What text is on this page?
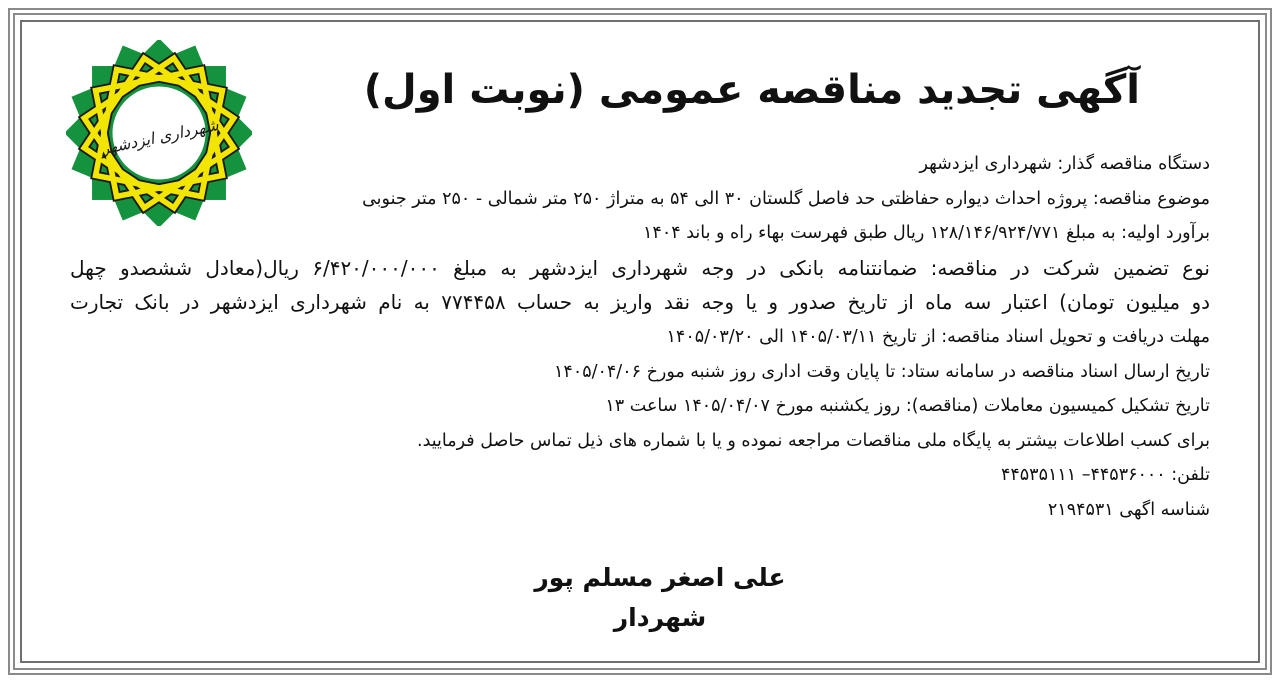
شهرداری ایزدشهر
آگهی تجدید مناقصه عمومی (نوبت اول)
دستگاه مناقصه گذار: شهرداری ایزدشهر
موضوع مناقصه: پروژه احداث دیواره حفاظتی حد فاصل گلستان ۳۰ الی ۵۴ به متراژ ۲۵۰ متر شمالی - ۲۵۰ متر جنوبی
برآورد اولیه: به مبلغ ۱۲۸/۱۴۶/۹۲۴/۷۷۱ ریال طبق فهرست بهاء راه و باند ۱۴۰۴
نوع تضمین شرکت در مناقصه: ضمانتنامه بانکی در وجه شهرداری ایزدشهر به مبلغ ۶/۴۲۰/۰۰۰/۰۰۰ ریال(معادل ششصدو چهل
دو میلیون تومان) اعتبار سه ماه از تاریخ صدور و یا وجه نقد واریز به حساب ۷۷۴۴۵۸ به نام شهرداری ایزدشهر در بانک تجارت
مهلت دریافت و تحویل اسناد مناقصه: از تاریخ ۱۴۰۵/۰۳/۱۱ الی ۱۴۰۵/۰۳/۲۰
تاریخ ارسال اسناد مناقصه در سامانه ستاد: تا پایان وقت اداری روز شنبه مورخ ۱۴۰۵/۰۴/۰۶
تاریخ تشکیل کمیسیون معاملات (مناقصه): روز یکشنبه مورخ ۱۴۰۵/۰۴/۰۷ ساعت ۱۳
برای کسب اطلاعات بیشتر به پایگاه ملی مناقصات مراجعه نموده و یا با شماره های ذیل تماس حاصل فرمایید.
تلفن: ۴۴۵۳۶۰۰۰– ۴۴۵۳۵۱۱۱
شناسه اگهی ۲۱۹۴۵۳۱
علی اصغر مسلم پور
شهردار
